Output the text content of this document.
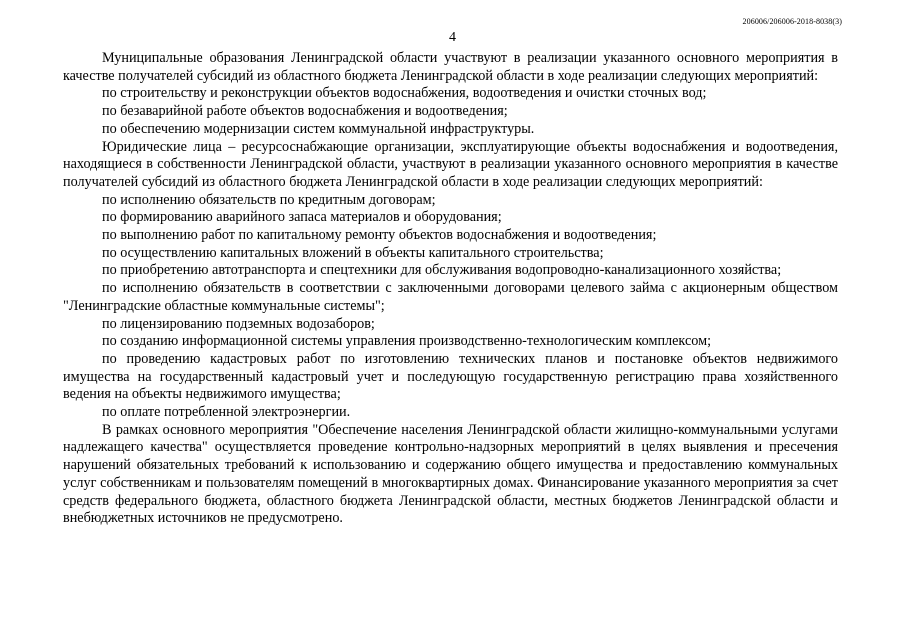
206006/206006-2018-8038(3)
4

Муниципальные образования Ленинградской области участвуют в реализации указанного основного мероприятия в качестве получателей субсидий из областного бюджета Ленинградской области в ходе реализации следующих мероприятий:

по строительству и реконструкции объектов водоснабжения, водоотведения и очистки сточных вод;

по безаварийной работе объектов водоснабжения и водоотведения;

по обеспечению модернизации систем коммунальной инфраструктуры.

Юридические лица – ресурсоснабжающие организации, эксплуатирующие объекты водоснабжения и водоотведения, находящиеся в собственности Ленинградской области, участвуют в реализации указанного основного мероприятия в качестве получателей субсидий из областного бюджета Ленинградской области в ходе реализации следующих мероприятий:

по исполнению обязательств по кредитным договорам;

по формированию аварийного запаса материалов и оборудования;

по выполнению работ по капитальному ремонту объектов водоснабжения и водоотведения;

по осуществлению капитальных вложений в объекты капитального строительства;

по приобретению автотранспорта и спецтехники для обслуживания водопроводно-канализационного хозяйства;

по исполнению обязательств в соответствии с заключенными договорами целевого займа с акционерным обществом "Ленинградские областные коммунальные системы";

по лицензированию подземных водозаборов;

по созданию информационной системы управления производственно-технологическим комплексом;

по проведению кадастровых работ по изготовлению технических планов и постановке объектов недвижимого имущества на государственный кадастровый учет и последующую государственную регистрацию права хозяйственного ведения на объекты недвижимого имущества;

по оплате потребленной электроэнергии.

В рамках основного мероприятия "Обеспечение населения Ленинградской области жилищно-коммунальными услугами надлежащего качества" осуществляется проведение контрольно-надзорных мероприятий в целях выявления и пресечения нарушений обязательных требований к использованию и содержанию общего имущества и предоставлению коммунальных услуг собственникам и пользователям помещений в многоквартирных домах. Финансирование указанного мероприятия за счет средств федерального бюджета, областного бюджета Ленинградской области, местных бюджетов Ленинградской области и внебюджетных источников не предусмотрено.
